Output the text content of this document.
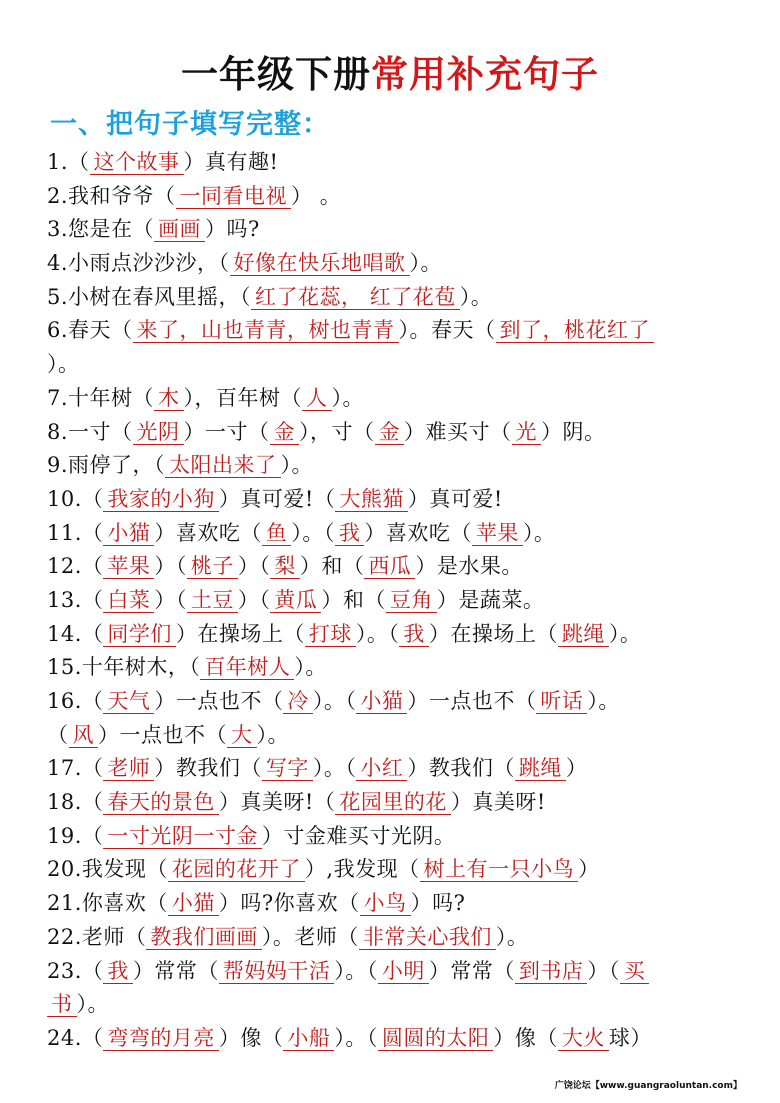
一年级下册常用补充句子
一、把句子填写完整：
1.（ 这个故事 ）真有趣!
2.我和爷爷（ 一同看电视 ） 。
3.您是在（ 画画 ）吗?
4.小雨点沙沙沙，（ 好像在快乐地唱歌 ）。
5.小树在春风里摇，（ 红了花蕊， 红了花苞 ）。
6.春天（ 来了，山也青青，树也青青 ）。春天（ 到了，桃花红了
）。
7.十年树（ 木 ），百年树（ 人 ）。
8.一寸（ 光阴 ）一寸（ 金 ），寸（ 金 ）难买寸（ 光 ）阴。
9.雨停了，（ 太阳出来了 ）。
10.（ 我家的小狗 ）真可爱!（ 大熊猫 ）真可爱!
11.（ 小猫 ）喜欢吃（ 鱼 ）。（ 我 ）喜欢吃（ 苹果 ）。
12.（ 苹果 ）（ 桃子 ）（ 梨 ）和（ 西瓜 ）是水果。
13.（ 白菜 ）（ 土豆 ）（ 黄瓜 ）和（ 豆角 ）是蔬菜。
14.（ 同学们 ）在操场上（ 打球 ）。（ 我 ）在操场上（ 跳绳 ）。
15.十年树木，（ 百年树人 ）。
16.（ 天气 ）一点也不（ 冷 ）。（ 小猫 ）一点也不（ 听话 ）。
（ 风 ）一点也不（ 大 ）。
17.（ 老师 ）教我们（ 写字 ）。（ 小红 ）教我们（ 跳绳 ）
18.（ 春天的景色 ）真美呀!（ 花园里的花 ）真美呀!
19.（ 一寸光阴一寸金 ）寸金难买寸光阴。
20.我发现（ 花园的花开了 ）,我发现（ 树上有一只小鸟 ）
21.你喜欢（ 小猫 ）吗?你喜欢（ 小鸟 ）吗?
22.老师（ 教我们画画 ）。老师（ 非常关心我们 ）。
23.（ 我 ）常常（ 帮妈妈干活 ）。（ 小明 ）常常（ 到书店 ）（ 买
书 ）。
24.（ 弯弯的月亮 ）像（ 小船 ）。（ 圆圆的太阳 ）像（ 大火 球）
广饶论坛【www.guangraoluntan.com】
